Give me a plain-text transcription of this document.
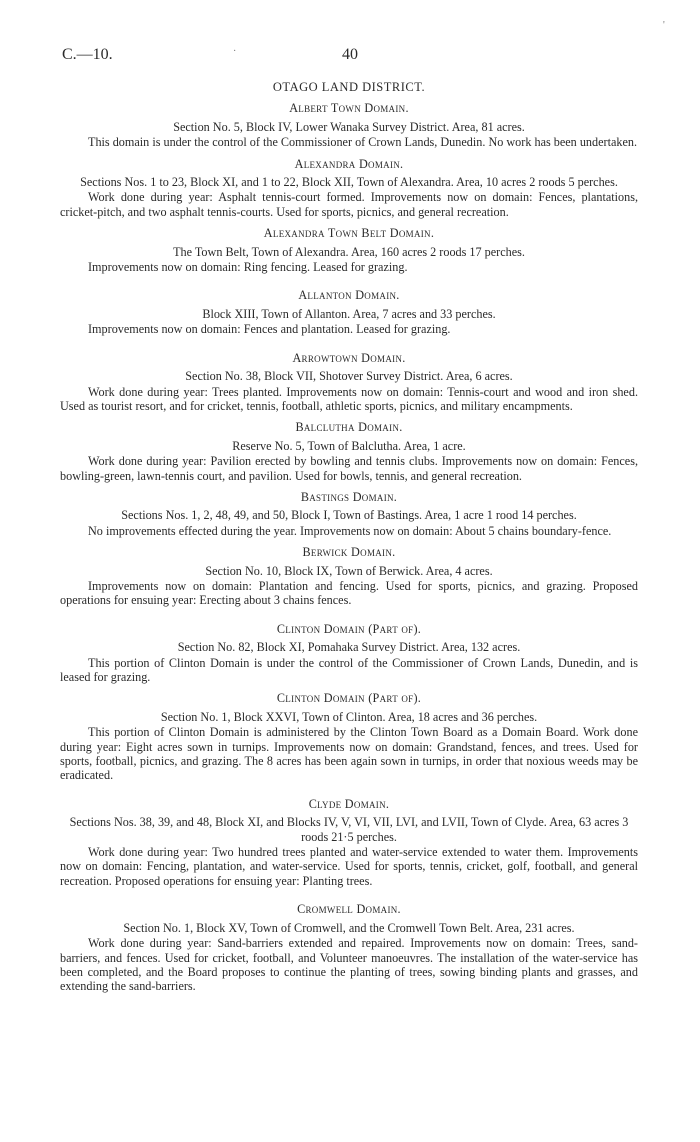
'
C.—10.	·	40
OTAGO LAND DISTRICT.
Albert Town Domain.
Section No. 5, Block IV, Lower Wanaka Survey District. Area, 81 acres.
This domain is under the control of the Commissioner of Crown Lands, Dunedin. No work has been undertaken.
Alexandra Domain.
Sections Nos. 1 to 23, Block XI, and 1 to 22, Block XII, Town of Alexandra. Area, 10 acres 2 roods 5 perches.
Work done during year: Asphalt tennis-court formed. Improvements now on domain: Fences, plantations, cricket-pitch, and two asphalt tennis-courts. Used for sports, picnics, and general recreation.
Alexandra Town Belt Domain.
The Town Belt, Town of Alexandra. Area, 160 acres 2 roods 17 perches.
Improvements now on domain: Ring fencing. Leased for grazing.
Allanton Domain.
Block XIII, Town of Allanton. Area, 7 acres and 33 perches.
Improvements now on domain: Fences and plantation. Leased for grazing.
Arrowtown Domain.
Section No. 38, Block VII, Shotover Survey District. Area, 6 acres.
Work done during year: Trees planted. Improvements now on domain: Tennis-court and wood and iron shed. Used as tourist resort, and for cricket, tennis, football, athletic sports, picnics, and military encampments.
Balclutha Domain.
Reserve No. 5, Town of Balclutha. Area, 1 acre.
Work done during year: Pavilion erected by bowling and tennis clubs. Improvements now on domain: Fences, bowling-green, lawn-tennis court, and pavilion. Used for bowls, tennis, and general recreation.
Bastings Domain.
Sections Nos. 1, 2, 48, 49, and 50, Block I, Town of Bastings. Area, 1 acre 1 rood 14 perches.
No improvements effected during the year. Improvements now on domain: About 5 chains boundary-fence.
Berwick Domain.
Section No. 10, Block IX, Town of Berwick. Area, 4 acres.
Improvements now on domain: Plantation and fencing. Used for sports, picnics, and grazing. Proposed operations for ensuing year: Erecting about 3 chains fences.
Clinton Domain (Part of).
Section No. 82, Block XI, Pomahaka Survey District. Area, 132 acres.
This portion of Clinton Domain is under the control of the Commissioner of Crown Lands, Dunedin, and is leased for grazing.
Clinton Domain (Part of).
Section No. 1, Block XXVI, Town of Clinton. Area, 18 acres and 36 perches.
This portion of Clinton Domain is administered by the Clinton Town Board as a Domain Board. Work done during year: Eight acres sown in turnips. Improvements now on domain: Grandstand, fences, and trees. Used for sports, football, picnics, and grazing. The 8 acres has been again sown in turnips, in order that noxious weeds may be eradicated.
Clyde Domain.
Sections Nos. 38, 39, and 48, Block XI, and Blocks IV, V, VI, VII, LVI, and LVII, Town of Clyde. Area, 63 acres 3 roods 21·5 perches.
Work done during year: Two hundred trees planted and water-service extended to water them. Improvements now on domain: Fencing, plantation, and water-service. Used for sports, tennis, cricket, golf, football, and general recreation. Proposed operations for ensuing year: Planting trees.
Cromwell Domain.
Section No. 1, Block XV, Town of Cromwell, and the Cromwell Town Belt. Area, 231 acres.
Work done during year: Sand-barriers extended and repaired. Improvements now on domain: Trees, sand-barriers, and fences. Used for cricket, football, and Volunteer manoeuvres. The installation of the water-service has been completed, and the Board proposes to continue the planting of trees, sowing binding plants and grasses, and extending the sand-barriers.
